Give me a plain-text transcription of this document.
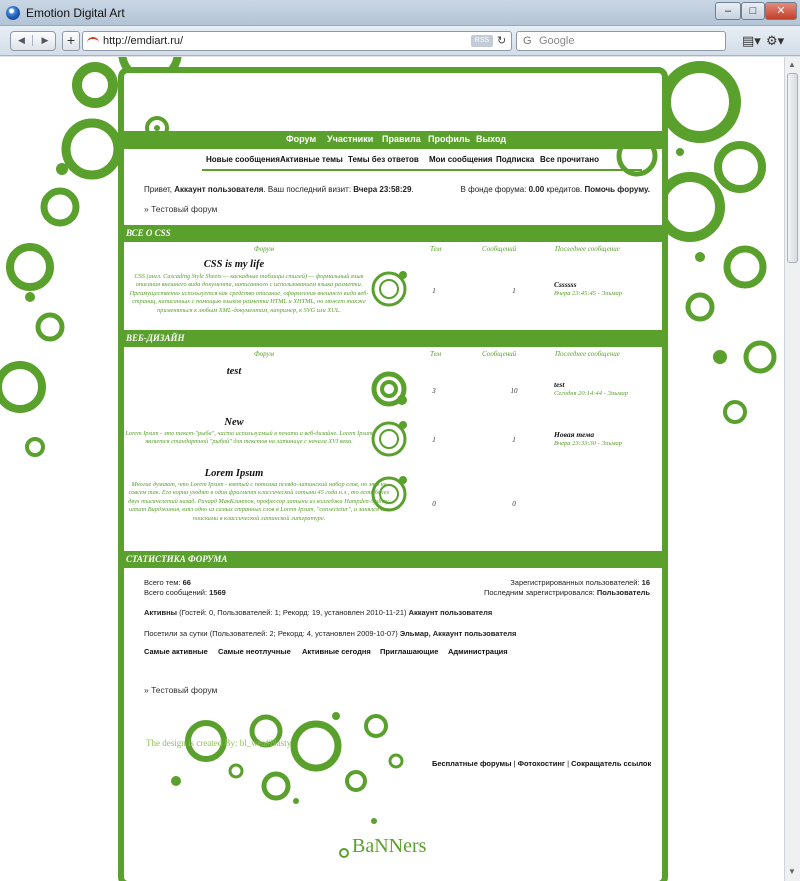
Emotion Digital Art	–	□	✕
◀	▶	+	http://emdiart.ru/	RSS ↻ G Google	▤▾ ⚙▾
Форум Участники Правила Профиль Выход
Новые сообщения Активные темы Темы без ответов Мои сообщения Подписка Все прочитано
Привет, Аккаунт пользователя. Ваш последний визит: Вчера 23:58:29.	В фонде форума: 0.00 кредитов. Помочь форуму.
» Тестовый форум
ВСЕ О CSS
Форум	Тем	Сообщений	Последнее сообщение
CSS is my life
CSS (англ. Cascading Style Sheets — каскадные таблицы стилей) — формальный язык описания внешнего вида документа, написанного с использованием языка разметки. Преимущественно используется как средство описание, оформления внешнего вида веб-страниц, написанных с помощью языков разметки HTML и XHTML, но может также применяться к любым XML-документам, например, к SVG или XUL.
1	1
Cssssss
Вчера 23:45:45 - Эльмар
ВЕБ-ДИЗАЙН
Форум	Тем	Сообщений	Последнее сообщение
test
3	10
test
Сегодня 20:14:44 - Эльмар
New
Lorem Ipsum - это текст-"рыба", часто используемый в печати и веб-дизайне. Lorem Ipsum является стандартной "рыбой" для текстов на латинице с начала XVI века.	1	1
Новая тема
Вчера 23:33:30 - Эльмар
Lorem Ipsum
Многие думают, что Lorem Ipsum - взятый с потолка псевдо-латинский набор слов, но это не совсем так. Его корни уходят в один фрагмент классической латыни 45 года н.э., то есть более двух тысячелетий назад. Ричард МакКлинток, профессор латыни из колледжа Hampden-Sydney, штат Вирджиния, взял одно из самых странных слов в Lorem Ipsum, "consectetur", и занялся его поисками в классической латинской литературе.
0	0
СТАТИСТИКА ФОРУМА
Всего тем: 66
Всего сообщений: 1569
Зарегистрированных пользователей: 16
Последним зарегистрировался: Пользователь
Активны (Гостей: 0, Пользователей: 1; Рекорд: 19, установлен 2010-11-21) Аккаунт пользователя
Посетили за сутки (Пользователей: 2; Рекорд: 4, установлен 2009-10-07) Эльмар, Аккаунт пользователя
Самые активные Самые неотлучные Активные сегодня Приглашающие Администрация
» Тестовый форум
The design is created By: bl_wea#Nasty
Бесплатные форумы | Фотохостинг | Сокращатель ссылок
BaNNers
▲
▼
